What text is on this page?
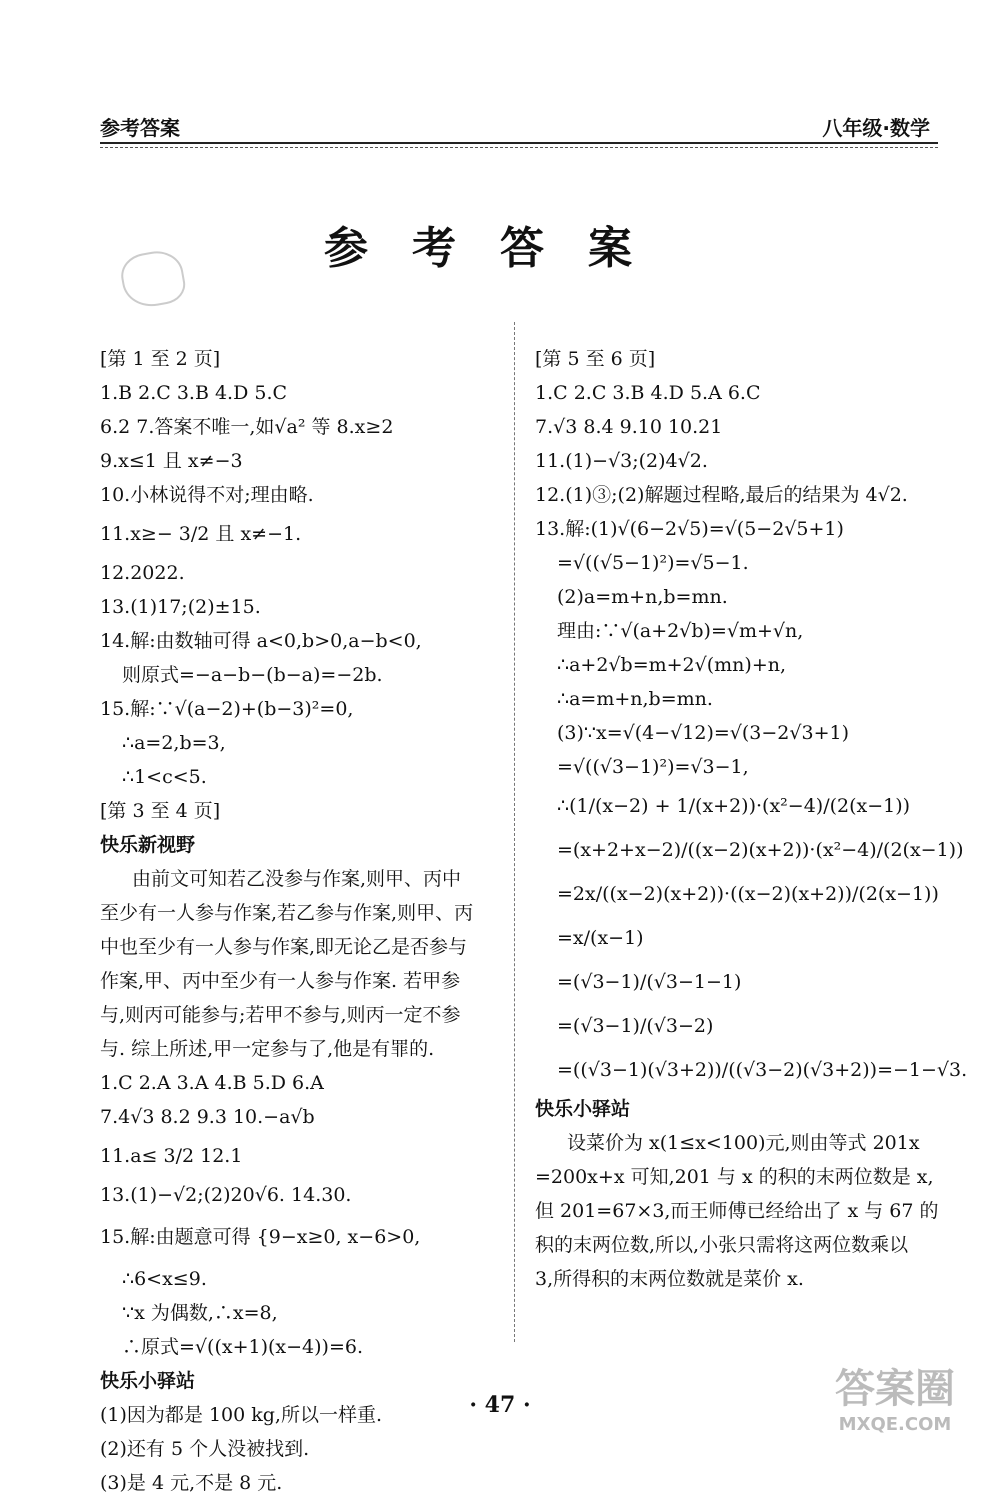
参考答案	八年级·数学
参考答案
[第 1 至 2 页]
1.B 2.C 3.B 4.D 5.C
6.2 7.答案不唯一,如√a² 等 8.x≥2
9.x≤1 且 x≠−3
10.小林说得不对;理由略.
11.x≥− 3/2 且 x≠−1.
12.2022.
13.(1)17;(2)±15.
14.解:由数轴可得 a<0,b>0,a−b<0,
则原式=−a−b−(b−a)=−2b.
15.解:∵√(a−2)+(b−3)²=0,
∴a=2,b=3,
∴1<c<5.
[第 3 至 4 页]
快乐新视野
由前文可知若乙没参与作案,则甲、丙中
至少有一人参与作案,若乙参与作案,则甲、丙
中也至少有一人参与作案,即无论乙是否参与
作案,甲、丙中至少有一人参与作案. 若甲参
与,则丙可能参与;若甲不参与,则丙一定不参
与. 综上所述,甲一定参与了,他是有罪的.
1.C 2.A 3.A 4.B 5.D 6.A
7.4√3 8.2 9.3 10.−a√b
11.a≤ 3/2 12.1
13.(1)−√2;(2)20√6. 14.30.
15.解:由题意可得 {9−x≥0, x−6>0,
∴6<x≤9.
∵x 为偶数,∴x=8,
∴原式=√((x+1)(x−4))=6.
快乐小驿站
(1)因为都是 100 kg,所以一样重.
(2)还有 5 个人没被找到.
(3)是 4 元,不是 8 元.
[第 5 至 6 页]
1.C 2.C 3.B 4.D 5.A 6.C
7.√3 8.4 9.10 10.21
11.(1)−√3;(2)4√2.
12.(1)③;(2)解题过程略,最后的结果为 4√2.
13.解:(1)√(6−2√5)=√(5−2√5+1)
=√((√5−1)²)=√5−1.
(2)a=m+n,b=mn.
理由:∵√(a+2√b)=√m+√n,
∴a+2√b=m+2√(mn)+n,
∴a=m+n,b=mn.
(3)∵x=√(4−√12)=√(3−2√3+1)
=√((√3−1)²)=√3−1,
∴(1/(x−2) + 1/(x+2))·(x²−4)/(2(x−1))
=(x+2+x−2)/((x−2)(x+2))·(x²−4)/(2(x−1))
=2x/((x−2)(x+2))·((x−2)(x+2))/(2(x−1))
=x/(x−1)
=(√3−1)/(√3−1−1)
=(√3−1)/(√3−2)
=((√3−1)(√3+2))/((√3−2)(√3+2))=−1−√3.
快乐小驿站
设菜价为 x(1≤x<100)元,则由等式 201x
=200x+x 可知,201 与 x 的积的末两位数是 x,
但 201=67×3,而王师傅已经给出了 x 与 67 的
积的末两位数,所以,小张只需将这两位数乘以
3,所得积的末两位数就是菜价 x.
· 47 ·	答案圈
MXQE.COM
